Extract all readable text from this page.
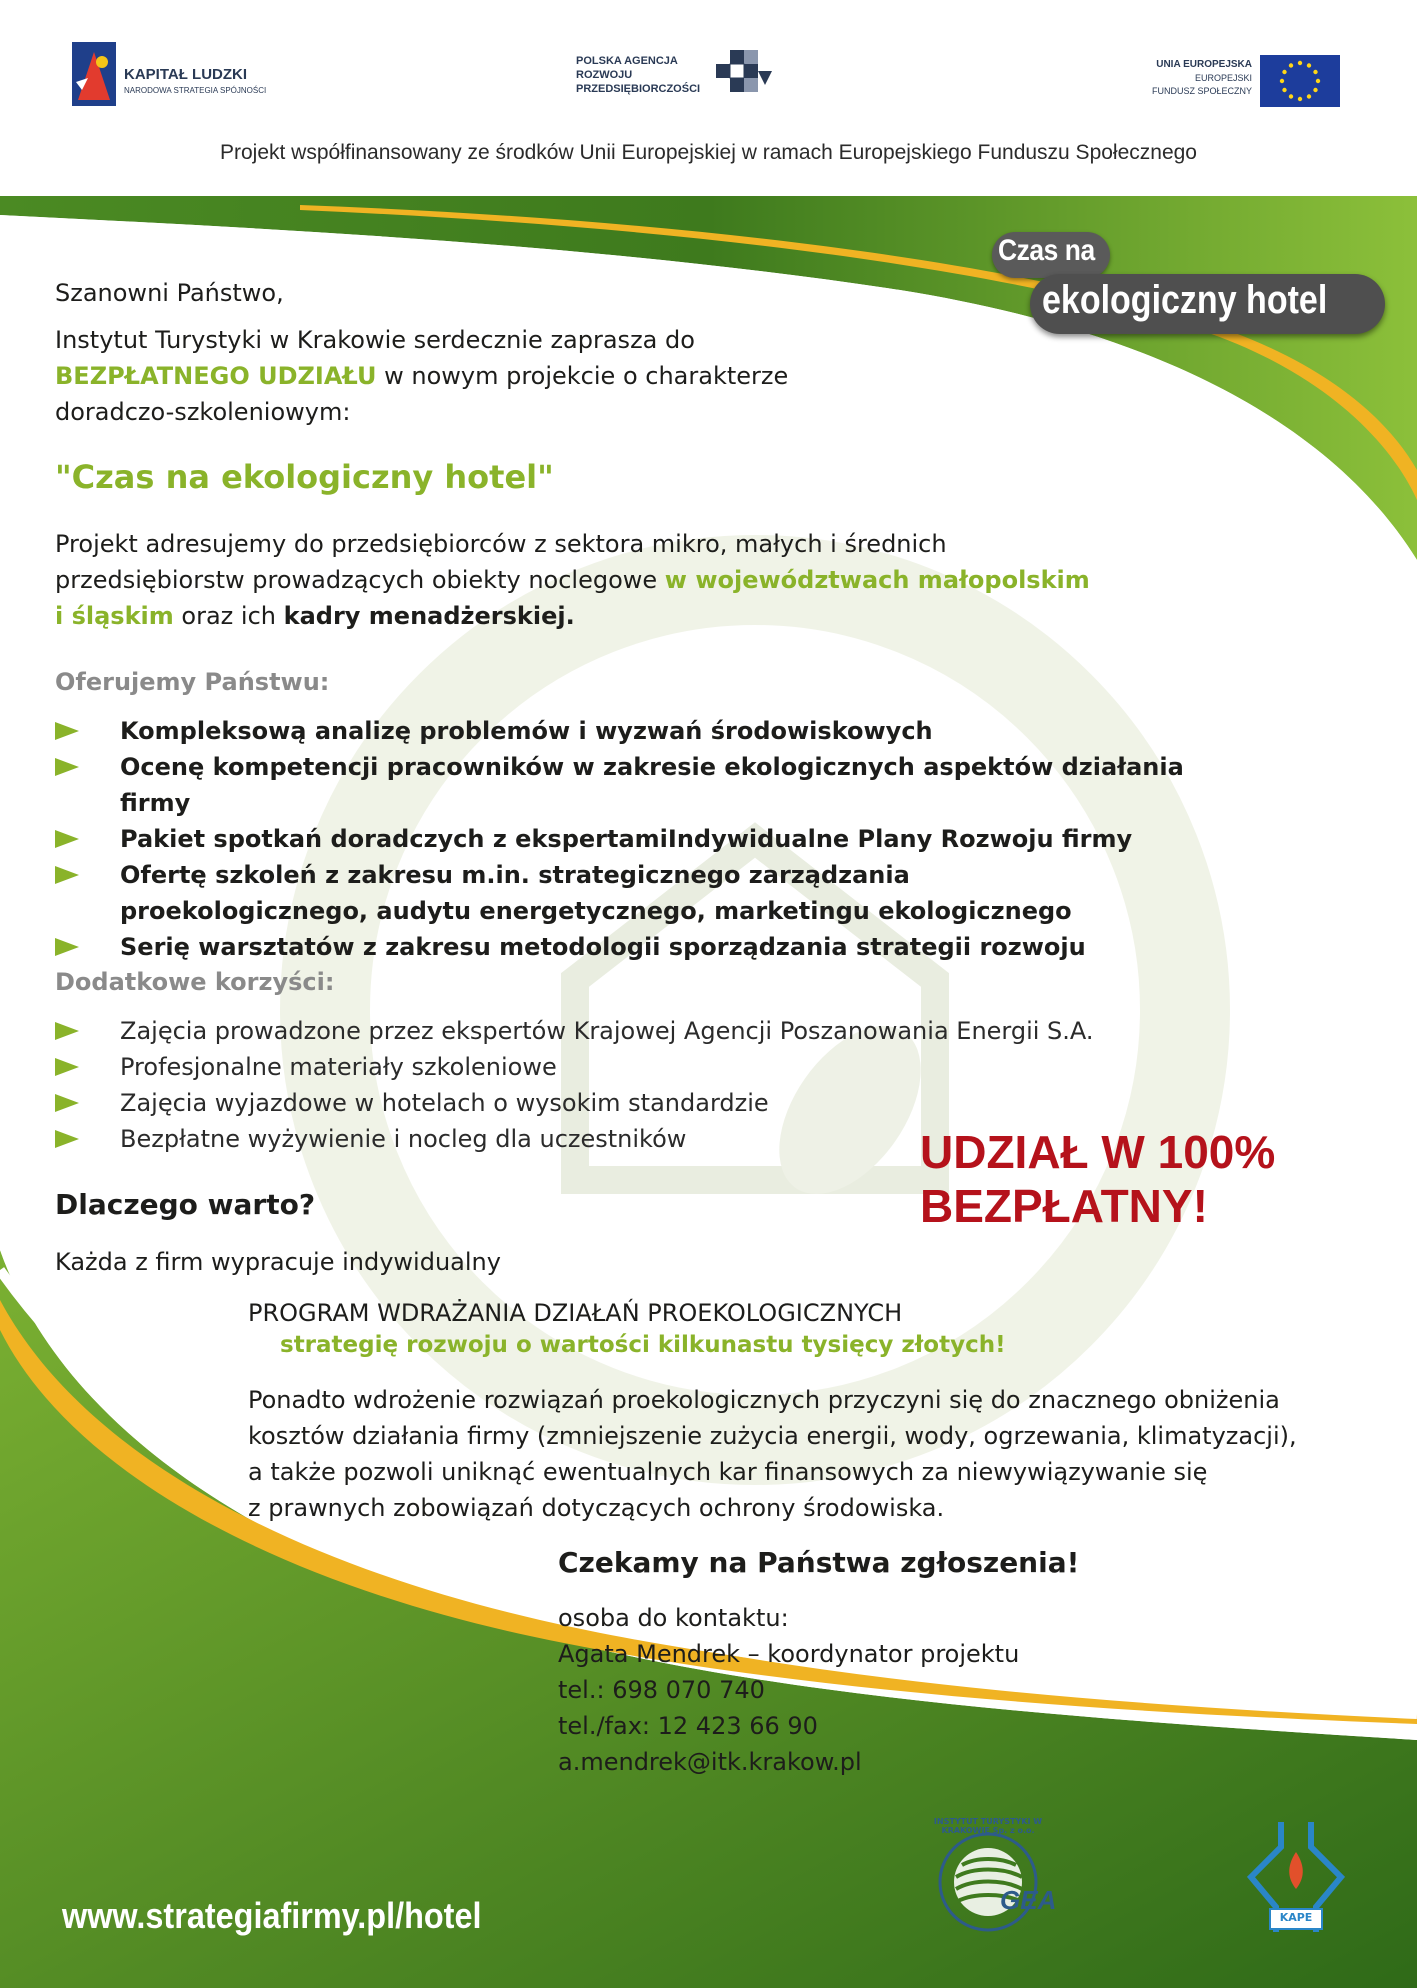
KAPITAŁ LUDZKI
NARODOWA STRATEGIA SPÓJNOŚCI
POLSKA AGENCJA
ROZWOJU
PRZEDSIĘBIORCZOŚCI
UNIA EUROPEJSKA
EUROPEJSKI
FUNDUSZ SPOŁECZNY
Projekt współfinansowany ze środków Unii Europejskiej w ramach Europejskiego Funduszu Społecznego
Czas na
ekologiczny hotel
Szanowni Państwo,
Instytut Turystyki w Krakowie serdecznie zaprasza do
BEZPŁATNEGO UDZIAŁU w nowym projekcie o charakterze
doradczo-szkoleniowym:
"Czas na ekologiczny hotel"
Projekt adresujemy do przedsiębiorców z sektora mikro, małych i średnich
przedsiębiorstw prowadzących obiekty noclegowe w województwach małopolskim
i śląskim oraz ich kadry menadżerskiej.
Oferujemy Państwu:
Kompleksową analizę problemów i wyzwań środowiskowych
Ocenę kompetencji pracowników w zakresie ekologicznych aspektów działania firmy
Pakiet spotkań doradczych z ekspertamiIndywidualne Plany Rozwoju firmy
Ofertę szkoleń z zakresu m.in. strategicznego zarządzania proekologicznego, audytu energetycznego, marketingu ekologicznego
Serię warsztatów z zakresu metodologii sporządzania strategii rozwoju
Dodatkowe korzyści:
Zajęcia prowadzone przez ekspertów Krajowej Agencji Poszanowania Energii S.A.
Profesjonalne materiały szkoleniowe
Zajęcia wyjazdowe w hotelach o wysokim standardzie
Bezpłatne wyżywienie i nocleg dla uczestników	UDZIAŁ W 100%
BEZPŁATNY!
Dlaczego warto?
Każda z firm wypracuje indywidualny
PROGRAM WDRAŻANIA DZIAŁAŃ PROEKOLOGICZNYCH
strategię rozwoju o wartości kilkunastu tysięcy złotych!
Ponadto wdrożenie rozwiązań proekologicznych przyczyni się do znacznego obniżenia
kosztów działania firmy (zmniejszenie zużycia energii, wody, ogrzewania, klimatyzacji),
a także pozwoli uniknąć ewentualnych kar finansowych za niewywiązywanie się
z prawnych zobowiązań dotyczących ochrony środowiska.
Czekamy na Państwa zgłoszenia!
osoba do kontaktu:
Agata Mendrek – koordynator projektu
tel.: 698 070 740
tel./fax: 12 423 66 90
a.mendrek@itk.krakow.pl
www.strategiafirmy.pl/hotel
INSTYTUT TURYSTYKI W KRAKOWIE Sp. z o.o.
GEA
KAPE
